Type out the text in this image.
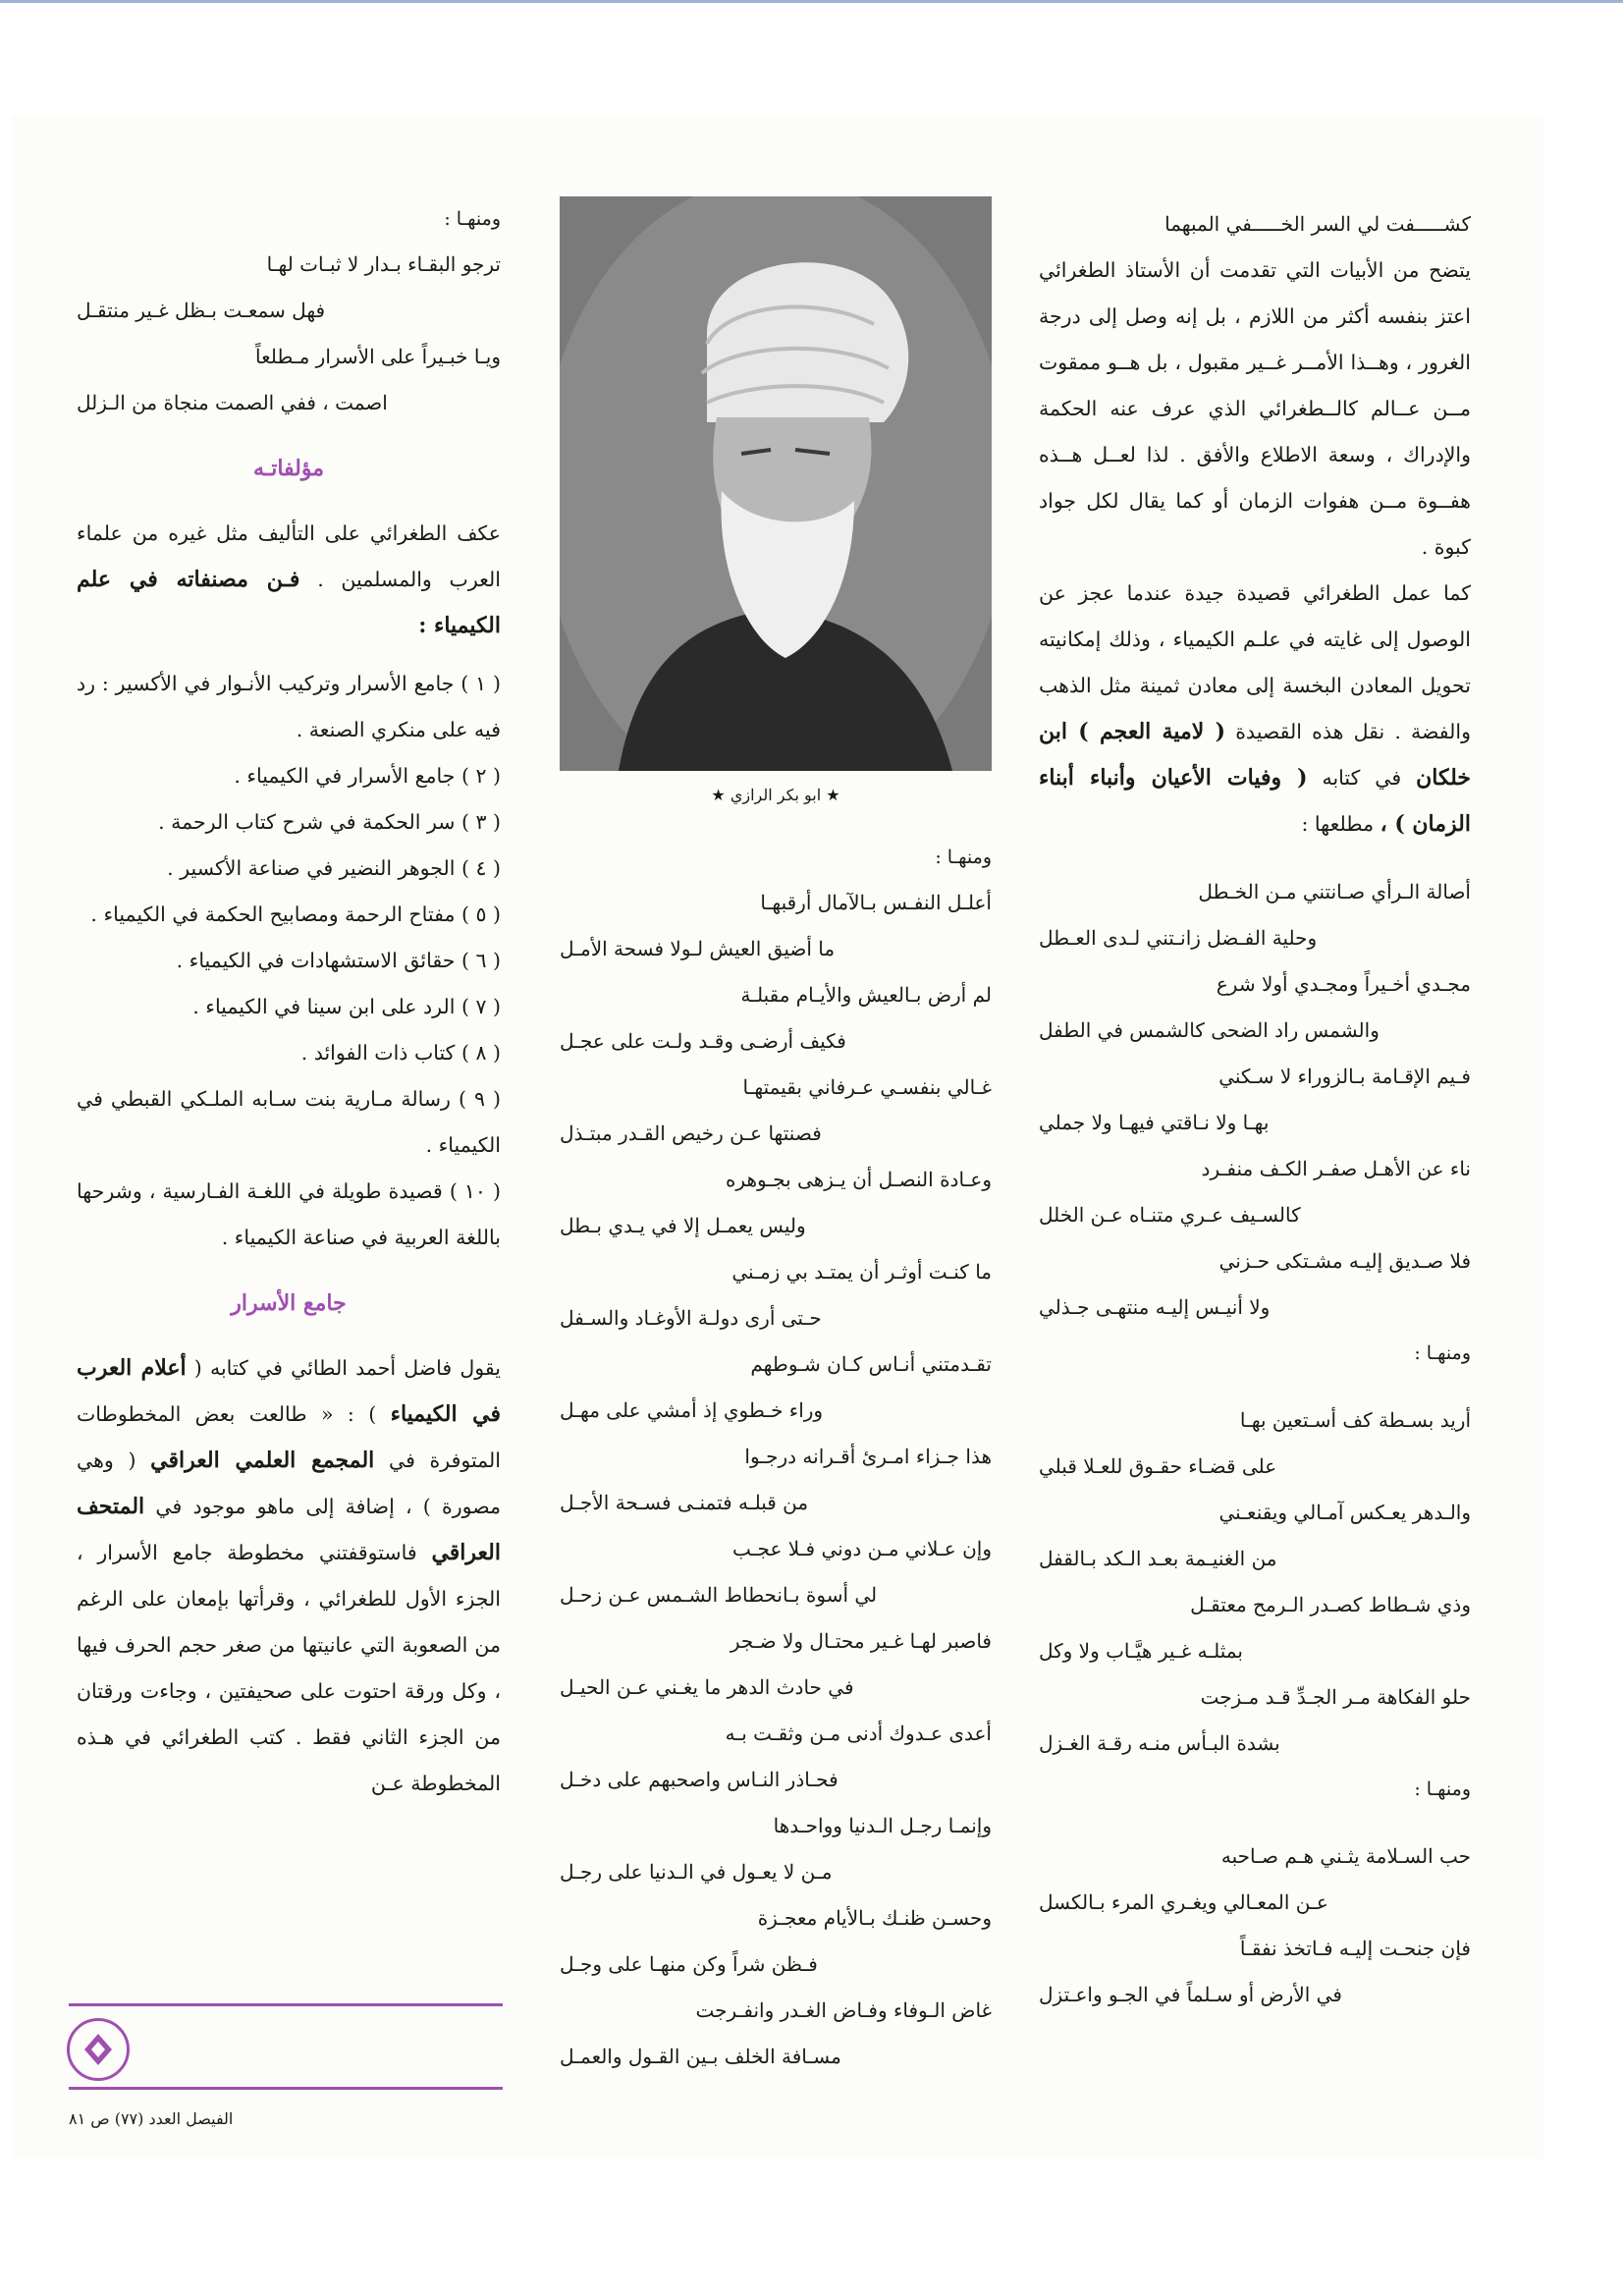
كشـــــفت لي السر الخـــــفي المبهما

يتضح من الأبيات التي تقدمت أن الأستاذ الطغرائي اعتز بنفسه أكثر من اللازم ، بل إنه وصل إلى درجة الغرور ، وهــذا الأمــر غــير مقبول ، بل هــو ممقوت مــن عــالم كالــطغرائي الذي عرف عنه الحكمة والإدراك ، وسعة الاطلاع والأفق . لذا لعــل هــذه هفــوة مــن هفوات الزمان أو كما يقال لكل جواد كبوة .

كما عمل الطغرائي قصيدة جيدة عندما عجز عن الوصول إلى غايته في علـم الكيمياء ، وذلك إمكانيته تحويل المعادن البخسة إلى معادن ثمينة مثل الذهب والفضة . نقل هذه القصيدة ( لامية العجم ) ابن خلكان في كتابه ( وفيات الأعيان وأنباء أبناء الزمان ) ، مطلعها :

أصالة الـرأي صـانتني مـن الخـطل

وحلية الفـضل زانـتني لـدى العـطل

مجـدي أخـيراً ومجـدي أولا شرع

والشمس راد الضحى كالشمس في الطفل

فـيم الإقـامة بـالزوراء لا سـكني

بهـا ولا نـاقتي فيهـا ولا جملي

ناء عن الأهـل صفـر الكـف منفـرد

كالسـيف عـري متنـاه عـن الخلل

فلا صـديق إليـه مشـتكى حـزني

ولا أنيـس إليـه منتهـى جـذلي

ومنهـا :

أريد بسـطة كف أسـتعين بهـا

على قضـاء حقـوق للعـلا قبلي

والـدهر يعـكس آمـالي ويقنعـني

من الغنيـمة بعـد الـكد بـالقفل

وذي شـطاط كصـدر الـرمح معتقـل

بمثلـه غـير هيَّـاب ولا وكل

حلو الفكاهة مـر الجـدِّ قـد مـزجت

بشدة البـأس منـه رقـة الغـزل

ومنهـا :

حب السـلامة يثـني هـم صـاحبه

عـن المعـالي ويغـري المرء بـالكسل

فإن جنحـت إليـه فـاتخذ نفقـاً

في الأرض أو سـلماً في الجـو واعـتزل

★ ابو بكر الرازي ★

ومنهـا :

أعلـل النفـس بـالآمال أرقبهـا

ما أضيق العيش لـولا فسحة الأمـل

لم أرض بـالعيش والأيـام مقبلـة

فكيف أرضـى وقـد ولـت على عجـل

غـالي بنفسـي عـرفاني بقيمتهـا

فصنتها عـن رخيص القـدر مبتـذل

وعـادة النصـل أن يـزهى بجـوهره

وليس يعمـل إلا في يـدي بـطل

ما كنـت أوثـر أن يمتـد بي زمـني

حـتى أرى دولـة الأوغـاد والسـفل

تقـدمتني أنـاس كـان شـوطهم

وراء خـطوي إذ أمشي على مهـل

هذا جـزاء امـرئ أقـرانه درجـوا

من قبلـه فتمنـى فسـحة الأجـل

وإن عـلاني مـن دوني فـلا عجـب

لي أسوة بـانحطاط الشـمس عـن زحـل

فاصبر لهـا غـير محتـال ولا ضـجر

في حادث الدهر ما يغـني عـن الحيـل

أعدى عـدوك أدنى مـن وثقـت بـه

فحـاذر النـاس واصحبهم على دخـل

وإنمـا رجـل الـدنيا وواحـدها

مـن لا يعـول في الـدنيا على رجـل

وحسـن ظنـك بـالأيام معجـزة

فـظن شراً وكن منهـا على وجـل

غاض الـوفاء وفـاض الغـدر وانفـرجت

مسـافة الخلف بـين القـول والعمـل

ومنهـا :

ترجو البقـاء بـدار لا ثبـات لهـا

فهل سمعـت بـظل غـير منتقـل

ويـا خبـيراً على الأسرار مـطلعاً

اصمت ، ففي الصمت منجاة من الـزلل

مؤلفاتـه

عكف الطغرائي على التأليف مثل غيره من علماء العرب والمسلمين . فـن مصنفاته في علم الكيمياء :

( ١ ) جامع الأسرار وتركيب الأنـوار في الأكسير : رد فيه على منكري الصنعة .

( ٢ ) جامع الأسرار في الكيمياء .

( ٣ ) سر الحكمة في شرح كتاب الرحمة .

( ٤ ) الجوهر النضير في صناعة الأكسير .

( ٥ ) مفتاح الرحمة ومصابيح الحكمة في الكيمياء .

( ٦ ) حقائق الاستشهادات في الكيمياء .

( ٧ ) الرد على ابن سينا في الكيمياء .

( ٨ ) كتاب ذات الفوائد .

( ٩ ) رسالة مـارية بنت سـابه الملـكي القبطي في الكيمياء .

( ١٠ ) قصيدة طويلة في اللغـة الفـارسية ، وشرحها باللغة العربية في صناعة الكيمياء .

جامع الأسرار

يقول فاضل أحمد الطائي في كتابه ( أعلام العرب في الكيمياء ) : « طالعت بعض المخطوطات المتوفرة في المجمع العلمي العراقي ( وهي مصورة ) ، إضافة إلى ماهو موجود في المتحف العراقي فاستوقفتني مخطوطة جامع الأسرار ، الجزء الأول للطغرائي ، وقرأتها بإمعان على الرغم من الصعوبة التي عانيتها من صغر حجم الحرف فيها ، وكل ورقة احتوت على صحيفتين ، وجاءت ورقتان من الجزء الثاني فقط . كتب الطغرائي في هـذه المخطوطة عـن

الفيصل العدد (٧٧) ص ٨١
